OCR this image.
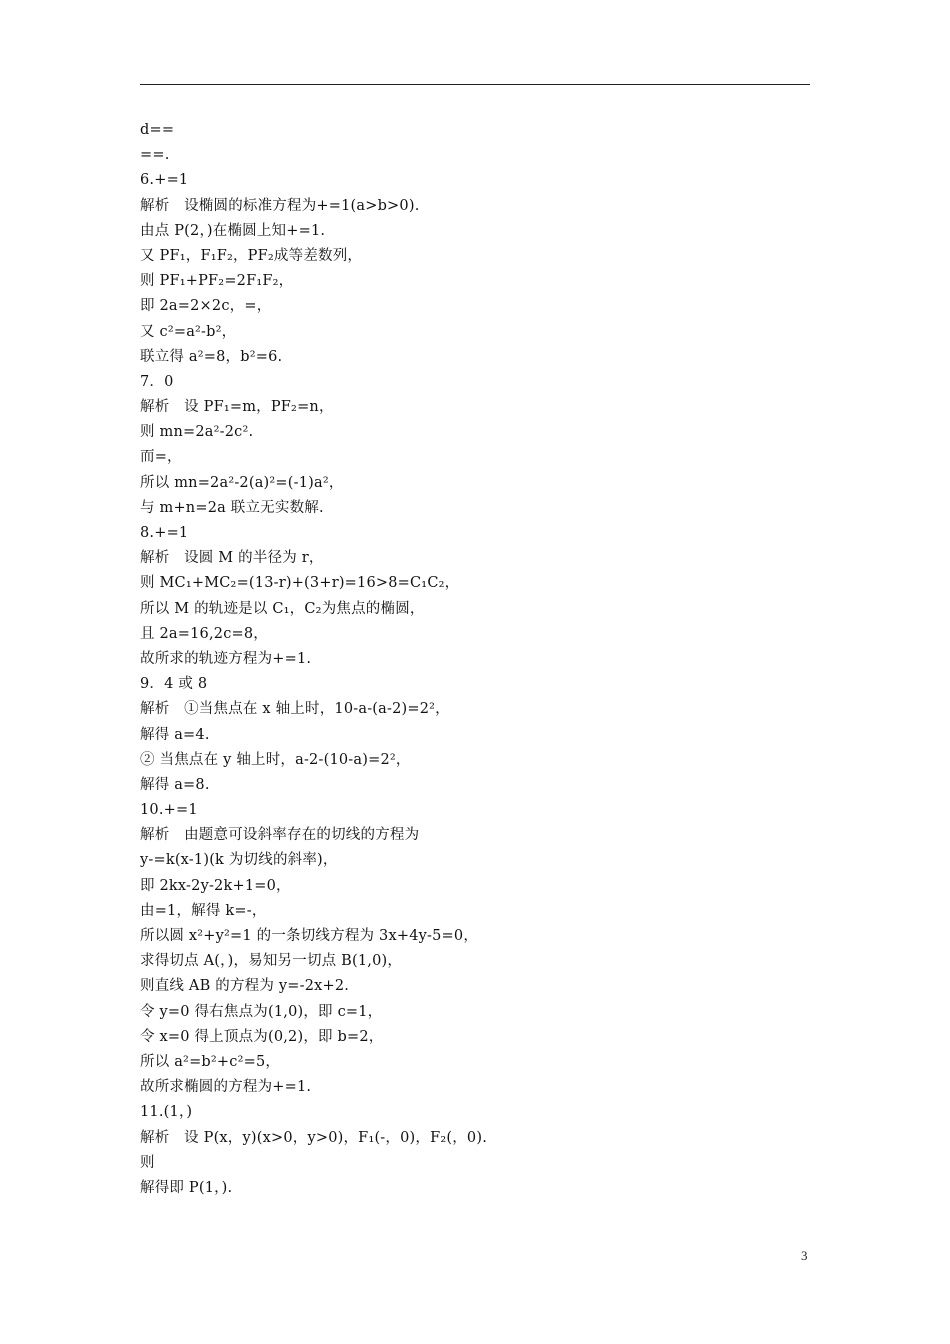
d==
==.
6.+=1
解析　设椭圆的标准方程为+=1(a>b>0).
由点 P(2，)在椭圆上知+=1.
又 PF₁，F₁F₂，PF₂成等差数列，
则 PF₁+PF₂=2F₁F₂，
即 2a=2×2c，=，
又 c²=a²-b²，
联立得 a²=8，b²=6.
7．0
解析　设 PF₁=m，PF₂=n，
则 mn=2a²-2c².
而=，
所以 mn=2a²-2(a)²=(-1)a²，
与 m+n=2a 联立无实数解.
8.+=1
解析　设圆 M 的半径为 r，
则 MC₁+MC₂=(13-r)+(3+r)=16>8=C₁C₂，
所以 M 的轨迹是以 C₁，C₂为焦点的椭圆，
且 2a=16,2c=8，
故所求的轨迹方程为+=1.
9．4 或 8
解析　①当焦点在 x 轴上时，10-a-(a-2)=2²，
解得 a=4.
② 当焦点在 y 轴上时，a-2-(10-a)=2²，
解得 a=8.
10.+=1
解析　由题意可设斜率存在的切线的方程为
y-=k(x-1)(k 为切线的斜率)，
即 2kx-2y-2k+1=0，
由=1，解得 k=-，
所以圆 x²+y²=1 的一条切线方程为 3x+4y-5=0，
求得切点 A(，)，易知另一切点 B(1,0)，
则直线 AB 的方程为 y=-2x+2.
令 y=0 得右焦点为(1,0)，即 c=1，
令 x=0 得上顶点为(0,2)，即 b=2，
所以 a²=b²+c²=5，
故所求椭圆的方程为+=1.
11.(1，)
解析　设 P(x，y)(x>0，y>0)，F₁(-，0)，F₂(，0).
则
解得即 P(1，).
3
